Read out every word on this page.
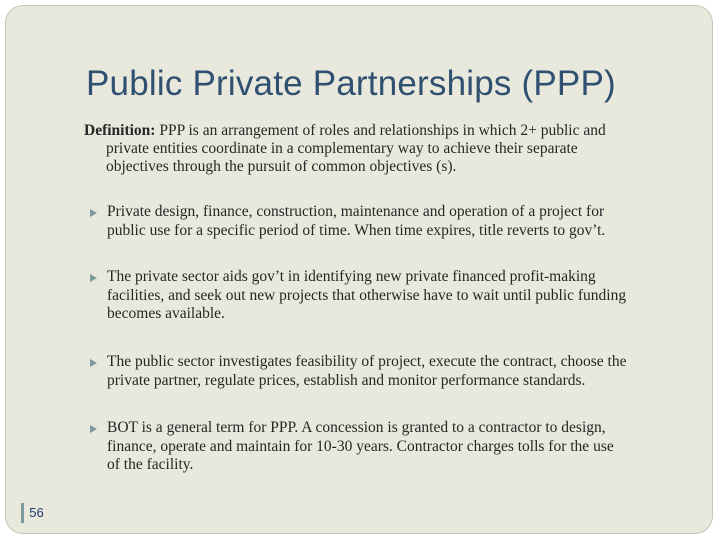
Public Private Partnerships (PPP)
Definition: PPP is an arrangement of roles and relationships in which 2+ public and
private entities coordinate in a complementary way to achieve their separate
objectives through the pursuit of common objectives (s).
Private design, finance, construction, maintenance and operation of a project for
public use for a specific period of time. When time expires, title reverts to gov’t.
The private sector aids gov’t in identifying new private financed profit-making
facilities, and seek out new projects that otherwise have to wait until public funding
becomes available.
The public sector investigates feasibility of project, execute the contract, choose the
private partner, regulate prices, establish and monitor performance standards.
BOT is a general term for PPP. A concession is granted to a contractor to design,
finance, operate and maintain for 10-30 years. Contractor charges tolls for the use
of the facility.
56
